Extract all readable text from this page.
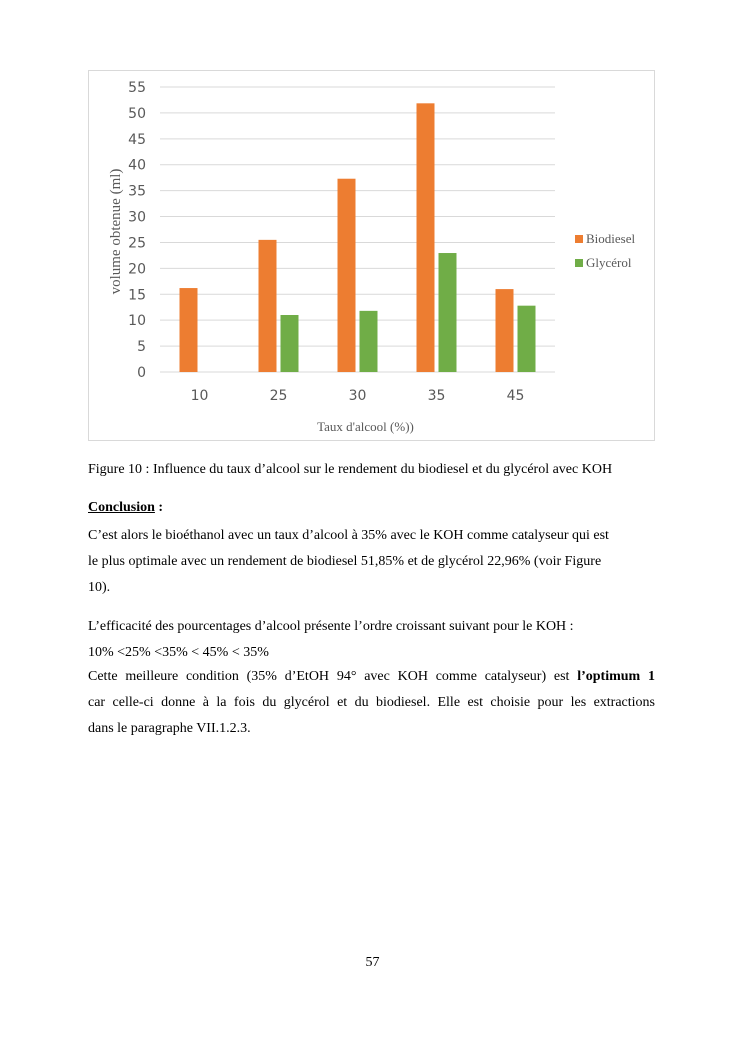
0
5
10
15
20
25
30
35
40
45
50
55
10	25	30	35	45
Taux d'alcool (%))
volume obtenue (ml)	Biodiesel
Glycérol
Figure 10 : Influence du taux d’alcool sur le rendement du biodiesel et du glycérol avec KOH
Conclusion :
C’est alors le bioéthanol avec un taux d’alcool à 35% avec le KOH comme catalyseur qui est
le plus optimale avec un rendement de biodiesel 51,85% et de glycérol 22,96% (voir Figure
10).
L’efficacité des pourcentages d’alcool présente l’ordre croissant suivant pour le KOH :
10% <25% <35% < 45% < 35%
Cette meilleure condition (35% d’EtOH 94° avec KOH comme catalyseur) est l’optimum 1
car celle-ci donne à la fois du glycérol et du biodiesel. Elle est choisie pour les extractions
dans le paragraphe VII.1.2.3.
57
